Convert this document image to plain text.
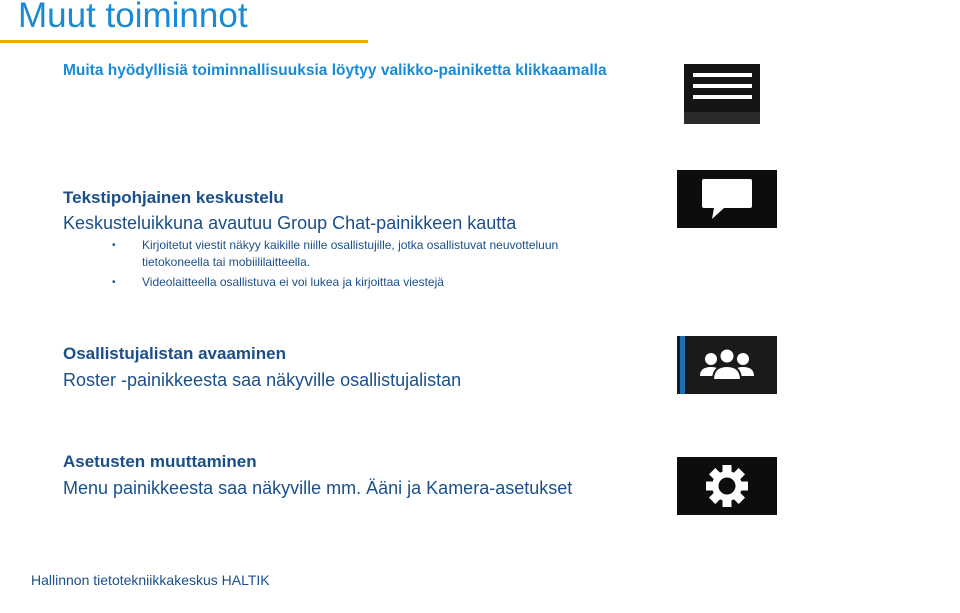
Muut toiminnot
Muita hyödyllisiä toiminnallisuuksia löytyy valikko-painiketta klikkaamalla
Tekstipohjainen keskustelu
Keskusteluikkuna avautuu Group Chat-painikkeen kautta
• Kirjoitetut viestit näkyy kaikille niille osallistujille, jotka osallistuvat neuvotteluun tietokoneella tai mobiililaitteella.
• Videolaitteella osallistuva ei voi lukea ja kirjoittaa viestejä
Osallistujalistan avaaminen
Roster -painikkeesta saa näkyville osallistujalistan
Asetusten muuttaminen
Menu painikkeesta saa näkyville mm. Ääni ja Kamera-asetukset
Hallinnon tietotekniikkakeskus HALTIK
